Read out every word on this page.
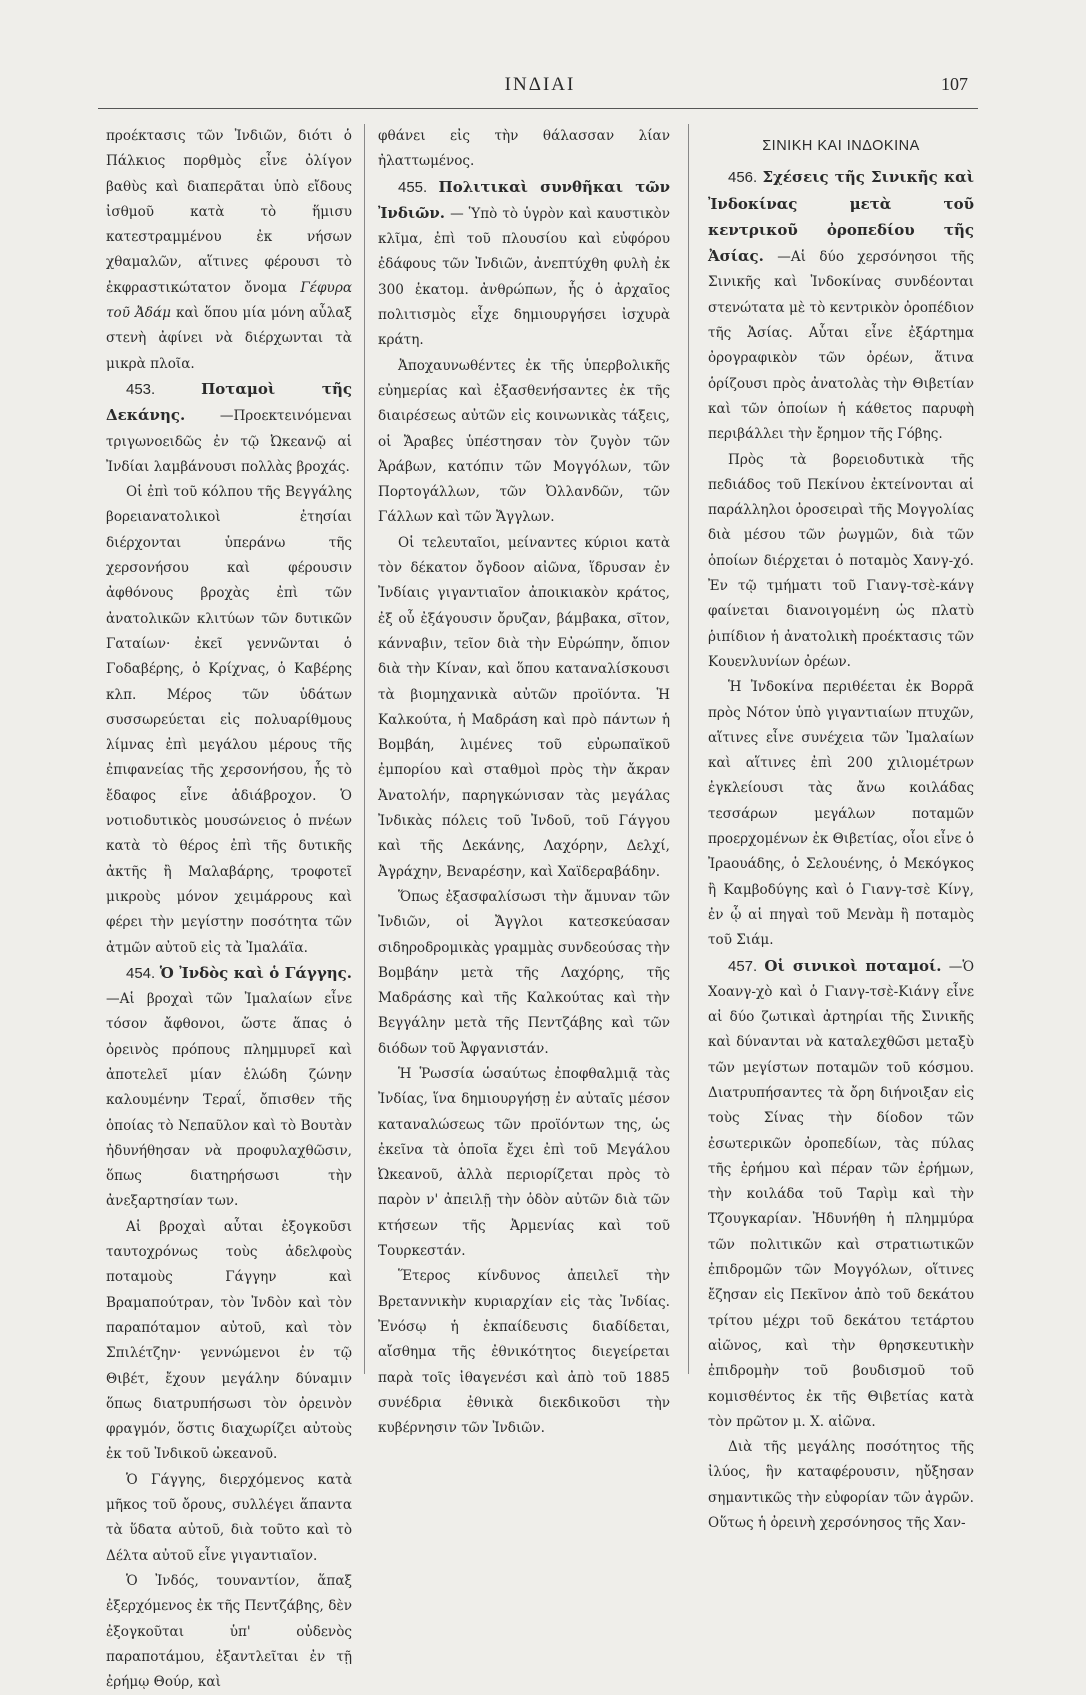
ΙΝΔΙΑΙ	107

προέκτασις τῶν Ἰνδιῶν, διότι ὁ Πάλκιος πορθμὸς εἶνε ὀλίγον βαθὺς καὶ διαπερᾶται ὑπὸ εἴδους ἰσθμοῦ κατὰ τὸ ἥμισυ κατεστραμμένου ἐκ νήσων χθαμαλῶν, αἵτινες φέρουσι τὸ ἐκφραστικώτατον ὄνομα Γέφυρα τοῦ Ἀδάμ καὶ ὅπου μία μόνη αὖλαξ στενὴ ἀφίνει νὰ διέρχωνται τὰ μικρὰ πλοῖα.

453.	Ποταμοὶ τῆς Δεκάνης.	—Προεκτεινόμεναι τριγωνοειδῶς ἐν τῷ Ὠκεανῷ αἱ Ἰνδίαι λαμβάνουσι πολλὰς βροχάς.

Οἱ ἐπὶ τοῦ κόλπου τῆς Βεγγάλης βορειανατολικοὶ ἐτησίαι διέρχονται ὑπεράνω τῆς χερσονήσου καὶ φέρουσιν ἀφθόνους βροχὰς ἐπὶ τῶν ἀνατολικῶν κλιτύων τῶν δυτικῶν Γαταίων· ἐκεῖ γεννῶνται ὁ Γοδαβέρης, ὁ Κρίχνας, ὁ Καβέρης κλπ. Μέρος τῶν ὑδάτων συσσωρεύεται εἰς πολυαρίθμους λίμνας ἐπὶ μεγάλου μέρους τῆς ἐπιφανείας τῆς χερσονήσου, ἧς τὸ ἔδαφος εἶνε ἀδιάβροχον. Ὁ νοτιοδυτικὸς μουσώνειος ὁ πνέων κατὰ τὸ θέρος ἐπὶ τῆς δυτικῆς ἀκτῆς ἢ Μαλαβάρης, τροφοτεῖ μικροὺς μόνον χειμάρρους καὶ φέρει τὴν μεγίστην ποσότητα τῶν ἀτμῶν αὐτοῦ εἰς τὰ Ἰμαλάϊα.

454. Ὁ Ἰνδὸς καὶ ὁ Γάγγης. —Αἱ βροχαὶ τῶν Ἰμαλαίων εἶνε τόσον ἄφθονοι, ὥστε ἅπας ὁ ὀρεινὸς πρόπους πλημμυρεῖ καὶ ἀποτελεῖ μίαν ἑλώδη ζώνην καλουμένην Τεραΐ, ὄπισθεν τῆς ὁποίας τὸ Νεπαῦλον καὶ τὸ Βουτὰν ἠδυνήθησαν νὰ προφυλαχθῶσιν, ὅπως διατηρήσωσι τὴν ἀνεξαρτησίαν των.

Αἱ βροχαὶ αὗται ἐξογκοῦσι ταυτοχρόνως τοὺς ἀδελφοὺς ποταμοὺς Γάγγην καὶ Βραμαπούτραν, τὸν Ἰνδὸν καὶ τὸν παραπόταμον αὐτοῦ, καὶ τὸν Σπιλέτζην· γεννώμενοι ἐν τῷ Θιβέτ, ἔχουν μεγάλην δύναμιν ὅπως διατρυπήσωσι τὸν ὀρεινὸν φραγμόν, ὅστις διαχωρίζει αὐτοὺς ἐκ τοῦ Ἰνδικοῦ ὠκεανοῦ.

Ὁ Γάγγης, διερχόμενος κατὰ μῆκος τοῦ ὄρους, συλλέγει ἅπαντα τὰ ὕδατα αὐτοῦ, διὰ τοῦτο καὶ τὸ Δέλτα αὐτοῦ εἶνε γιγαντιαῖον.

Ὁ Ἰνδός, τουναντίον, ἅπαξ ἐξερχόμενος ἐκ τῆς Πεντζάβης, δὲν ἐξογκοῦται ὑπ' οὐδενὸς παραποτάμου, ἐξαντλεῖται ἐν τῇ ἐρήμῳ Θούρ, καὶ

φθάνει εἰς τὴν θάλασσαν λίαν ἠλαττωμένος.

455. Πολιτικαὶ συνθῆκαι τῶν Ἰνδιῶν. — Ὑπὸ τὸ ὑγρὸν καὶ καυστικὸν κλῖμα, ἐπὶ τοῦ πλουσίου καὶ εὐφόρου ἐδάφους τῶν Ἰνδιῶν, ἀνεπτύχθη φυλὴ ἐκ 300 ἑκατομ. ἀνθρώπων, ἧς ὁ ἀρχαῖος πολιτισμὸς εἶχε δημιουργήσει ἰσχυρὰ κράτη.

Ἀποχαυνωθέντες ἐκ τῆς ὑπερβολικῆς εὐημερίας καὶ ἐξασθενήσαντες ἐκ τῆς διαιρέσεως αὐτῶν εἰς κοινωνικὰς τάξεις, οἱ Ἄραβες ὑπέστησαν τὸν ζυγὸν τῶν Ἀράβων, κατόπιν τῶν Μογγόλων, τῶν Πορτογάλλων, τῶν Ὀλλανδῶν, τῶν Γάλλων καὶ τῶν Ἄγγλων.

Οἱ τελευταῖοι, μείναντες κύριοι κατὰ τὸν δέκατον ὄγδοον αἰῶνα, ἵδρυσαν ἐν Ἰνδίαις γιγαντιαῖον ἀποικιακὸν κράτος, ἐξ οὗ ἐξάγουσιν ὄρυζαν, βάμβακα, σῖτον, κάνναβιν, τεῖον διὰ τὴν Εὐρώπην, ὄπιον διὰ τὴν Κίναν, καὶ ὅπου καταναλίσκουσι τὰ βιομηχανικὰ αὐτῶν προϊόντα. Ἡ Καλκούτα, ἡ Μαδράση καὶ πρὸ πάντων ἡ Βομβάη, λιμένες τοῦ εὐρωπαϊκοῦ ἐμπορίου καὶ σταθμοὶ πρὸς τὴν ἄκραν Ἀνατολήν, παρηγκώνισαν τὰς μεγάλας Ἰνδικὰς πόλεις τοῦ Ἰνδοῦ, τοῦ Γάγγου καὶ τῆς Δεκάνης, Λαχόρην, Δελχί, Ἀγράχην, Βεναρέσην, καὶ Χαϊδεραβάδην.

Ὅπως ἐξασφαλίσωσι τὴν ἄμυναν τῶν Ἰνδιῶν, οἱ Ἄγγλοι κατεσκεύασαν σιδηροδρομικὰς γραμμὰς συνδεούσας τὴν Βομβάην μετὰ τῆς Λαχόρης, τῆς Μαδράσης καὶ τῆς Καλκούτας καὶ τὴν Βεγγάλην μετὰ τῆς Πεντζάβης καὶ τῶν διόδων τοῦ Ἀφγανιστάν.

Ἡ Ῥωσσία ὡσαύτως ἐποφθαλμιᾷ τὰς Ἰνδίας, ἵνα δημιουργήσῃ ἐν αὐταῖς μέσον καταναλώσεως τῶν προϊόντων της, ὡς ἐκεῖνα τὰ ὁποῖα ἔχει ἐπὶ τοῦ Μεγάλου Ὠκεανοῦ, ἀλλὰ περιορίζεται πρὸς τὸ παρὸν ν' ἀπειλῇ τὴν ὁδὸν αὐτῶν διὰ τῶν κτήσεων τῆς Ἀρμενίας καὶ τοῦ Τουρκεστάν.

Ἕτερος κίνδυνος ἀπειλεῖ τὴν Βρεταννικὴν κυριαρχίαν εἰς τὰς Ἰνδίας. Ἐνόσῳ ἡ ἐκπαίδευσις διαδίδεται, αἴσθημα τῆς ἐθνικότητος διεγείρεται παρὰ τοῖς ἰθαγενέσι καὶ ἀπὸ τοῦ 1885 συνέδρια ἐθνικὰ διεκδικοῦσι τὴν κυβέρνησιν τῶν Ἰνδιῶν.

ΣΙΝΙΚΗ ΚΑΙ ΙΝΔΟΚΙΝΑ

456. Σχέσεις τῆς Σινικῆς καὶ Ἰνδοκίνας μετὰ τοῦ κεντρικοῦ ὀροπεδίου τῆς Ἀσίας. —Αἱ δύο χερσόνησοι τῆς Σινικῆς καὶ Ἰνδοκίνας συνδέονται στενώτατα μὲ τὸ κεντρικὸν ὀροπέδιον τῆς Ἀσίας. Αὗται εἶνε ἐξάρτημα ὀρογραφικὸν τῶν ὀρέων, ἅτινα ὁρίζουσι πρὸς ἀνατολὰς τὴν Θιβετίαν καὶ τῶν ὁποίων ἡ κάθετος παρυφὴ περιβάλλει τὴν ἔρημον τῆς Γόβης.

Πρὸς τὰ βορειοδυτικὰ τῆς πεδιάδος τοῦ Πεκίνου ἐκτείνονται αἱ παράλληλοι ὀροσειραὶ τῆς Μογγολίας διὰ μέσου τῶν ῥωγμῶν, διὰ τῶν ὁποίων διέρχεται ὁ ποταμὸς Χανγ-χό. Ἐν τῷ τμήματι τοῦ Γιανγ-τσὲ-κάνγ φαίνεται διανοιγομένη ὡς πλατὺ ῥιπίδιον ἡ ἀνατολικὴ προέκτασις τῶν Κουενλυνίων ὀρέων.

Ἡ Ἰνδοκίνα περιθέεται ἐκ Βορρᾶ πρὸς Νότον ὑπὸ γιγαντιαίων πτυχῶν, αἵτινες εἶνε συνέχεια τῶν Ἰμαλαίων καὶ αἵτινες ἐπὶ 200 χιλιομέτρων ἐγκλείουσι τὰς ἄνω κοιλάδας τεσσάρων μεγάλων ποταμῶν προερχομένων ἐκ Θιβετίας, οἷοι εἶνε ὁ Ἰρaουάδης, ὁ Σελουένης, ὁ Μεκόγκος ἢ Καμβοδύγης καὶ ὁ Γιανγ-τσὲ Κίνγ, ἐν ᾧ αἱ πηγαὶ τοῦ Μενὰμ ἢ ποταμὸς τοῦ Σιάμ.

457. Οἱ σινικοὶ ποταμοί. —Ὁ Χοανγ-χὸ καὶ ὁ Γιανγ-τσὲ-Κιάνγ εἶνε αἱ δύο ζωτικαὶ ἀρτηρίαι τῆς Σινικῆς καὶ δύνανται νὰ καταλεχθῶσι μεταξὺ τῶν μεγίστων ποταμῶν τοῦ κόσμου. Διατρυπήσαντες τὰ ὄρη διήνοιξαν εἰς τοὺς Σίνας τὴν δίοδον τῶν ἐσωτερικῶν ὀροπεδίων, τὰς πύλας τῆς ἐρήμου καὶ πέραν τῶν ἐρήμων, τὴν κοιλάδα τοῦ Ταρὶμ καὶ τὴν Τζουγκαρίαν. Ἠδυνήθη ἡ πλημμύρα τῶν πολιτικῶν καὶ στρατιωτικῶν ἐπιδρομῶν τῶν Μογγόλων, οἵτινες ἔζησαν εἰς Πεκῖνον ἀπὸ τοῦ δεκάτου τρίτου μέχρι τοῦ δεκάτου τετάρτου αἰῶνος, καὶ τὴν θρησκευτικὴν ἐπιδρομὴν τοῦ βουδισμοῦ τοῦ κομισθέντος ἐκ τῆς Θιβετίας κατὰ τὸν πρῶτον μ. Χ. αἰῶνα.

Διὰ τῆς μεγάλης ποσότητος τῆς ἰλύος, ἣν καταφέρουσιν, ηὔξησαν σημαντικῶς τὴν εὐφορίαν τῶν ἀγρῶν. Οὕτως ἡ ὀρεινὴ χερσόνησος τῆς Χαν-
